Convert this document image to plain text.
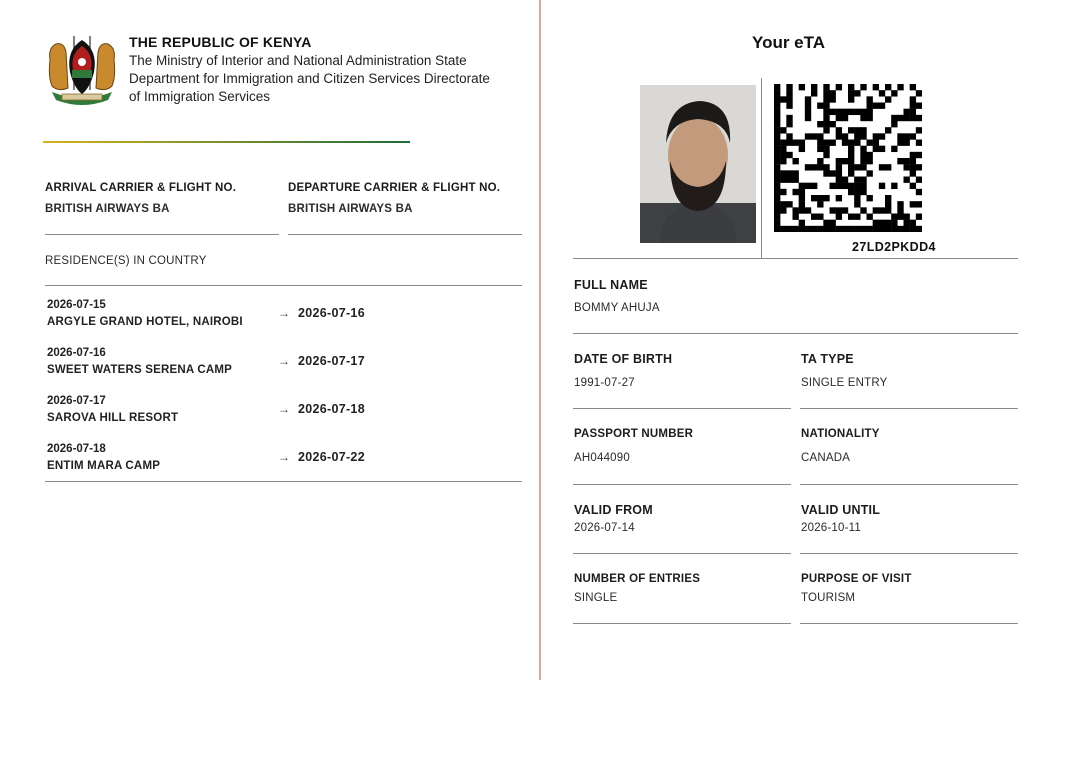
THE REPUBLIC OF KENYA
The Ministry of Interior and National Administration State
Department for Immigration and Citizen Services Directorate
of Immigration Services
ARRIVAL CARRIER & FLIGHT NO.
BRITISH AIRWAYS BA
DEPARTURE CARRIER & FLIGHT NO.
BRITISH AIRWAYS BA
RESIDENCE(S) IN COUNTRY
2026-07-15
ARGYLE GRAND HOTEL, NAIROBI
→ 2026-07-16
2026-07-16
SWEET WATERS SERENA CAMP
→ 2026-07-17
2026-07-17
SAROVA HILL RESORT
→ 2026-07-18
2026-07-18
ENTIM MARA CAMP
→ 2026-07-22
Your eTA
27LD2PKDD4
FULL NAME
BOMMY AHUJA
DATE OF BIRTH
1991-07-27
TA TYPE
SINGLE ENTRY
PASSPORT NUMBER
AH044090
NATIONALITY
CANADA
VALID FROM
2026-07-14
VALID UNTIL
2026-10-11
NUMBER OF ENTRIES
SINGLE
PURPOSE OF VISIT
TOURISM
